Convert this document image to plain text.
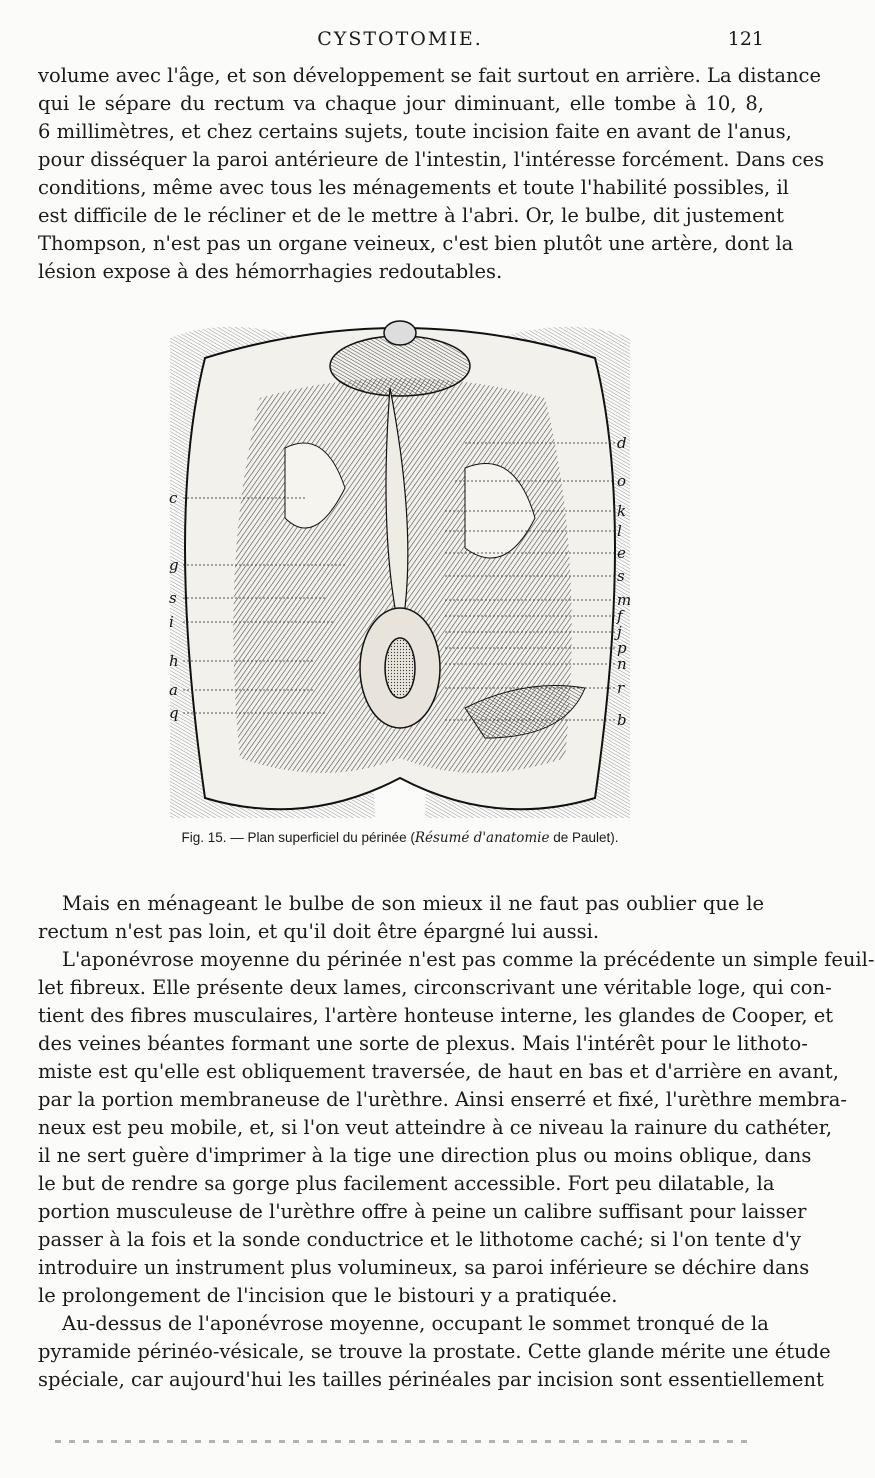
CYSTOTOMIE.	121
volume avec l'âge, et son développement se fait surtout en arrière. La distance
qui le sépare du rectum va chaque jour diminuant, elle tombe à 10, 8,
6 millimètres, et chez certains sujets, toute incision faite en avant de l'anus,
pour disséquer la paroi antérieure de l'intestin, l'intéresse forcément. Dans ces
conditions, même avec tous les ménagements et toute l'habilité possibles, il
est difficile de le récliner et de le mettre à l'abri. Or, le bulbe, dit justement
Thompson, n'est pas un organe veineux, c'est bien plutôt une artère, dont la
lésion expose à des hémorrhagies redoutables.
c
g
s
i
h
a
q
d
o
k
l
e
s
m
f
j
p
n
r
b
Fig. 15. — Plan superficiel du périnée (Résumé d'anatomie de Paulet).
Mais en ménageant le bulbe de son mieux il ne faut pas oublier que le
rectum n'est pas loin, et qu'il doit être épargné lui aussi.
L'aponévrose moyenne du périnée n'est pas comme la précédente un simple feuil-
let fibreux. Elle présente deux lames, circonscrivant une véritable loge, qui con-
tient des fibres musculaires, l'artère honteuse interne, les glandes de Cooper, et
des veines béantes formant une sorte de plexus. Mais l'intérêt pour le lithoto-
miste est qu'elle est obliquement traversée, de haut en bas et d'arrière en avant,
par la portion membraneuse de l'urèthre. Ainsi enserré et fixé, l'urèthre membra-
neux est peu mobile, et, si l'on veut atteindre à ce niveau la rainure du cathéter,
il ne sert guère d'imprimer à la tige une direction plus ou moins oblique, dans
le but de rendre sa gorge plus facilement accessible. Fort peu dilatable, la
portion musculeuse de l'urèthre offre à peine un calibre suffisant pour laisser
passer à la fois et la sonde conductrice et le lithotome caché; si l'on tente d'y
introduire un instrument plus volumineux, sa paroi inférieure se déchire dans
le prolongement de l'incision que le bistouri y a pratiquée.
Au-dessus de l'aponévrose moyenne, occupant le sommet tronqué de la
pyramide périnéo-vésicale, se trouve la prostate. Cette glande mérite une étude
spéciale, car aujourd'hui les tailles périnéales par incision sont essentiellement
